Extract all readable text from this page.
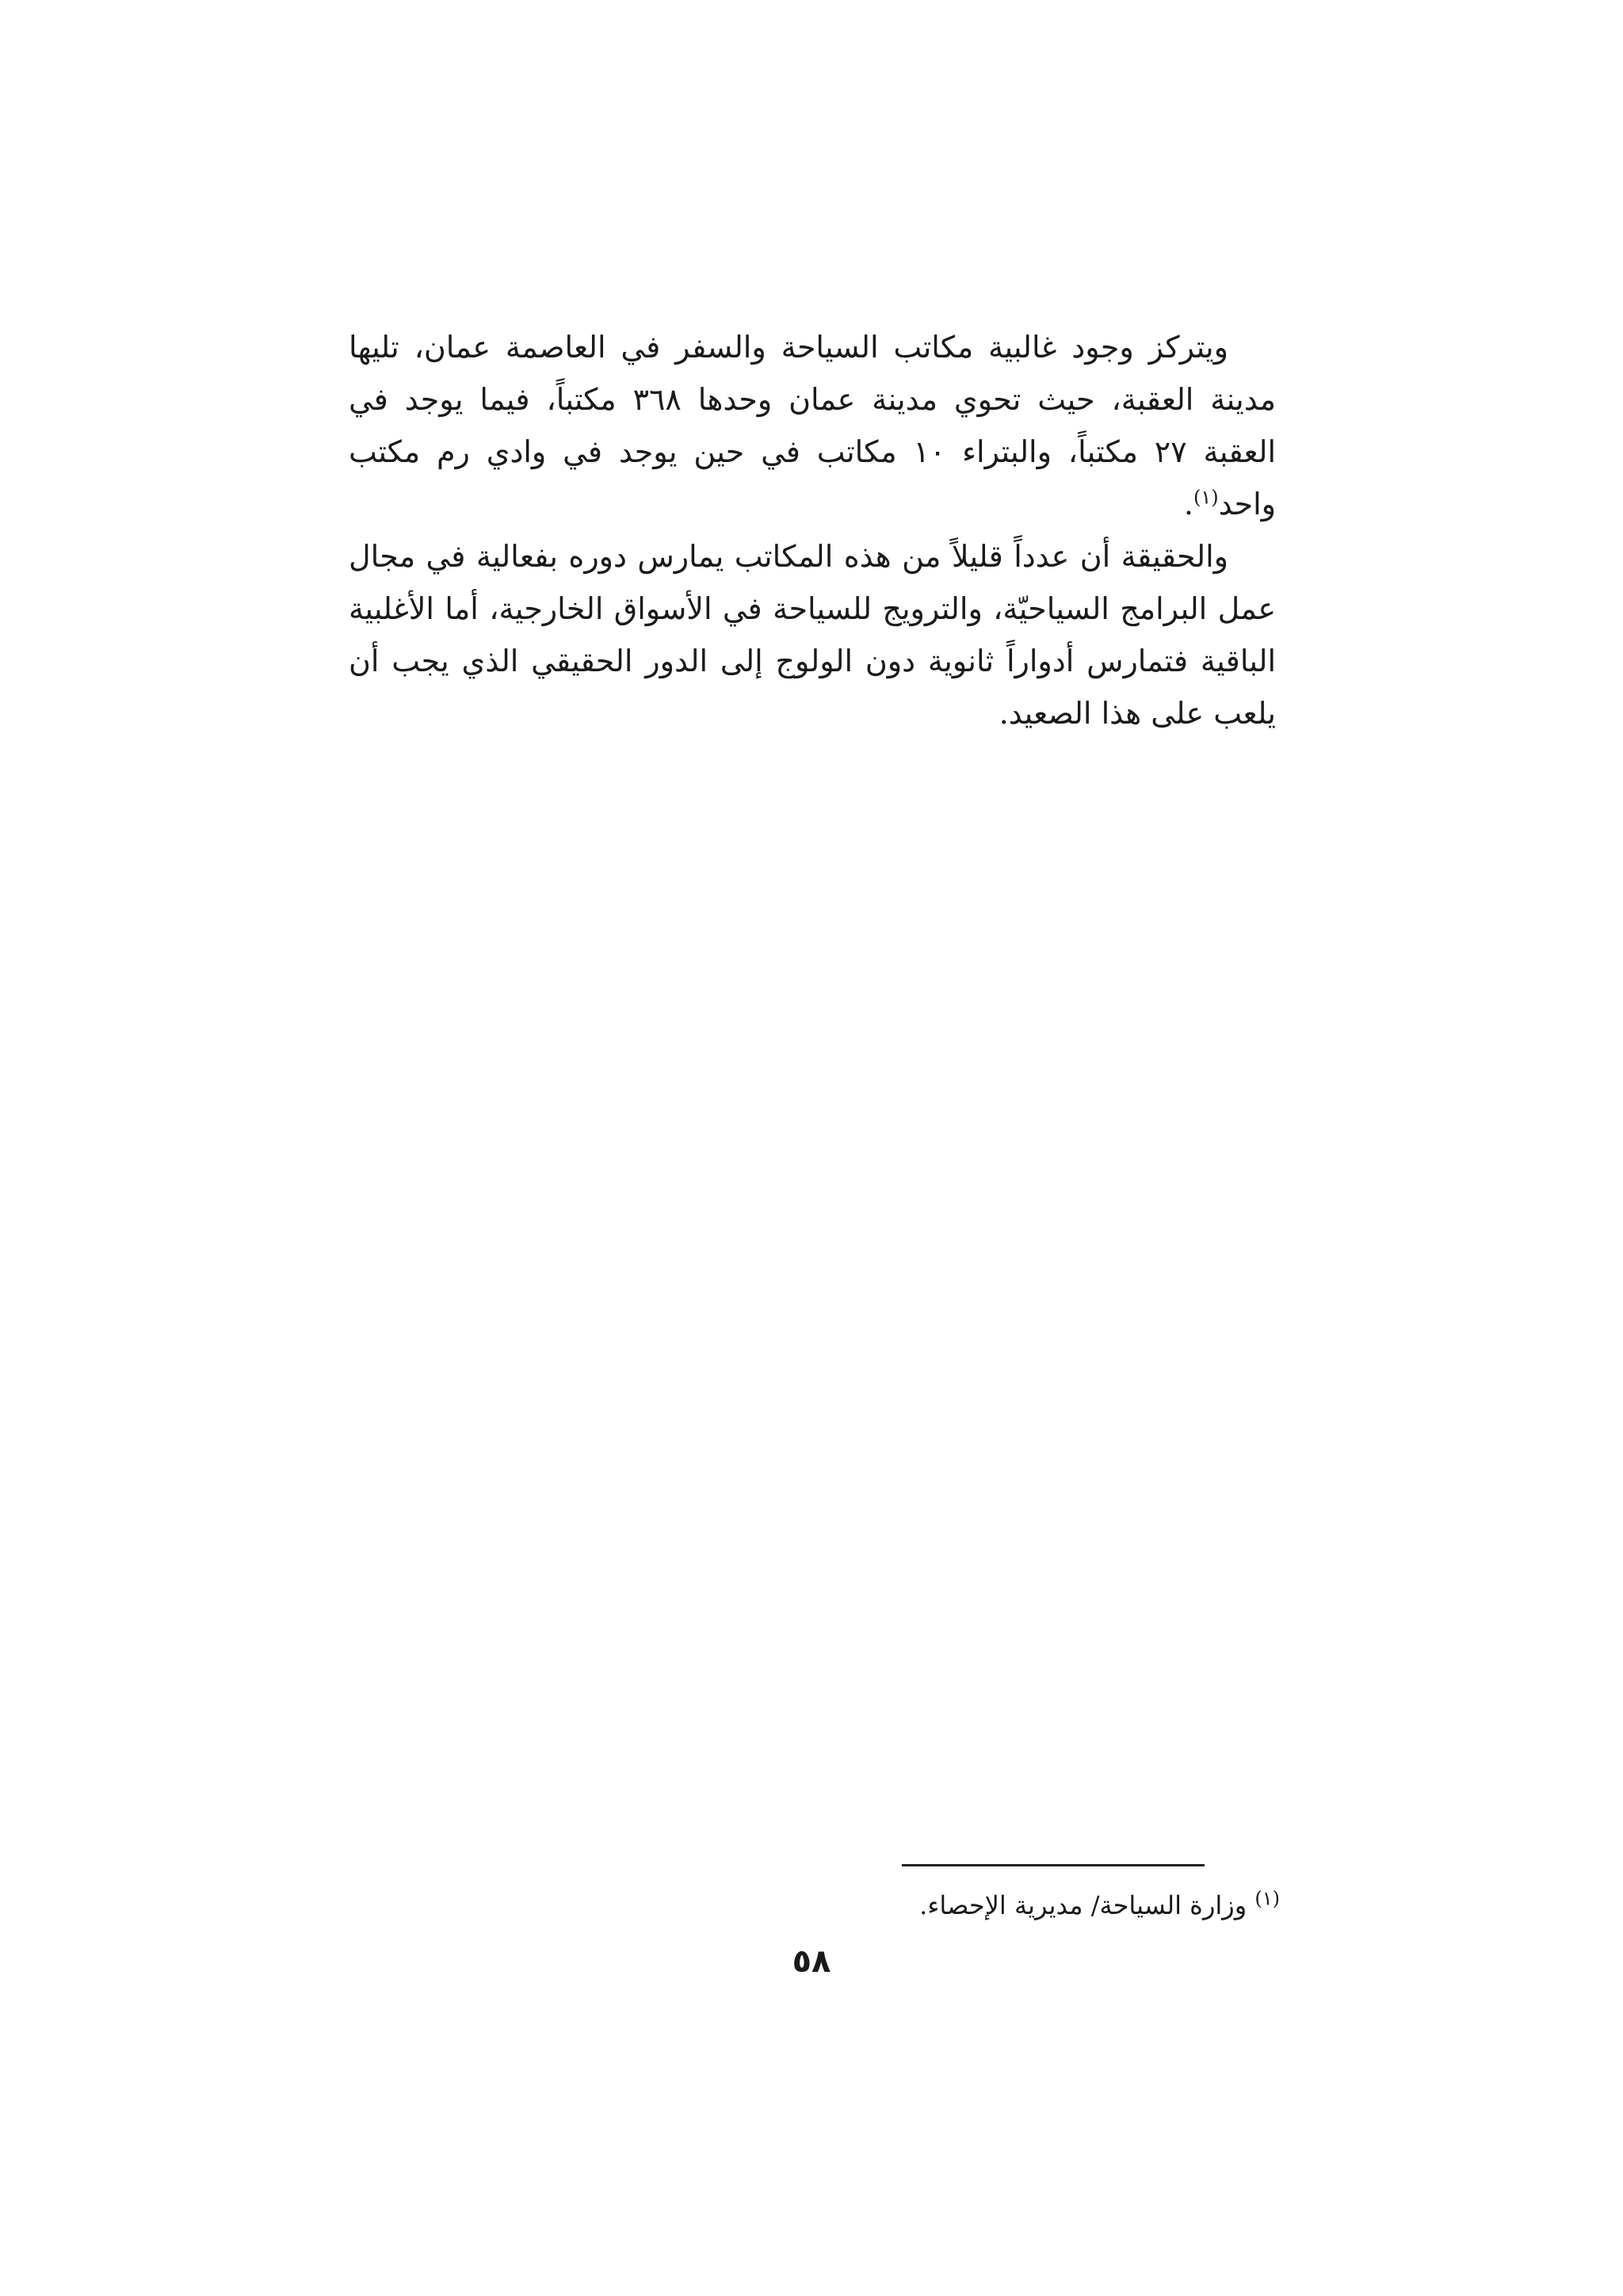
ويتركز وجود غالبية مكاتب السياحة والسفر في العاصمة عمان، تليها مدينة العقبة، حيث تحوي مدينة عمان وحدها ٣٦٨ مكتباً، فيما يوجد في العقبة ٢٧ مكتباً، والبتراء ١٠ مكاتب في حين يوجد في وادي رم مكتب واحد$^{(١)}$.

والحقيقة أن عدداً قليلاً من هذه المكاتب يمارس دوره بفعالية في مجال عمل البرامج السياحيّة، والترويج للسياحة في الأسواق الخارجية، أما الأغلبية الباقية فتمارس أدواراً ثانوية دون الولوج إلى الدور الحقيقي الذي يجب أن يلعب على هذا الصعيد.

$^{(١)}$ وزارة السياحة/ مديرية الإحصاء.
٥٨
